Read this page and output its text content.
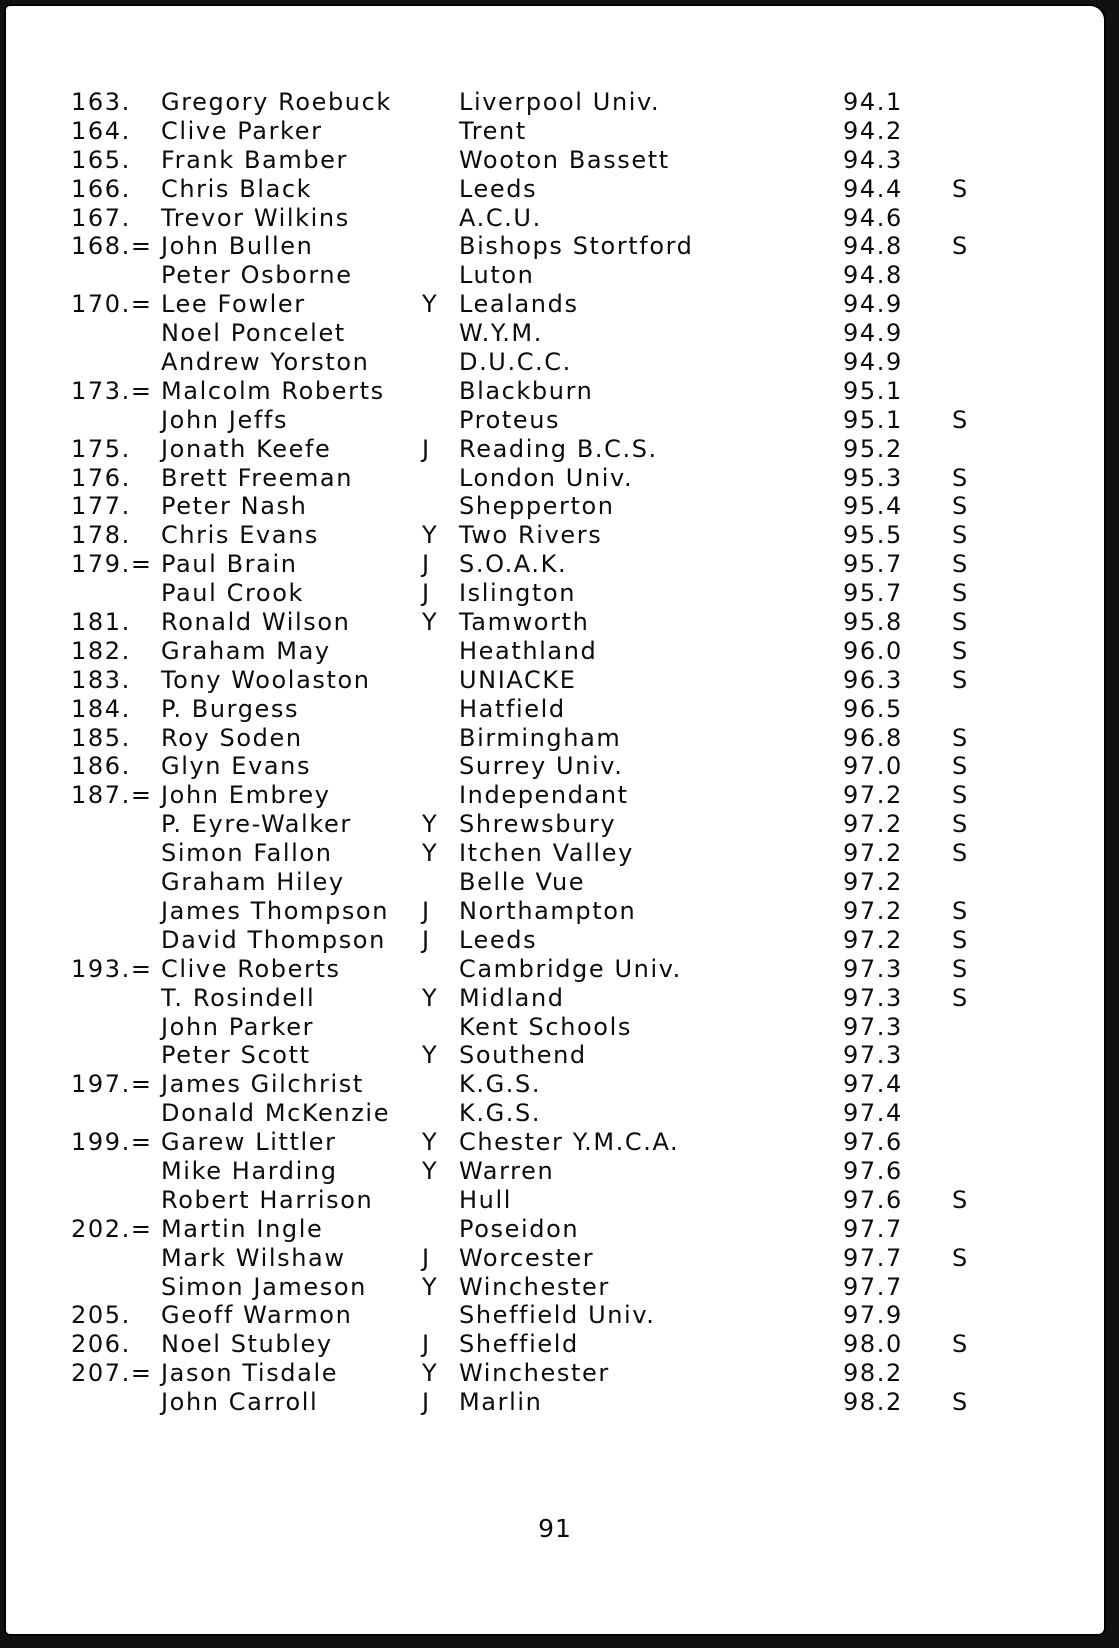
163. Gregory Roebuck	Liverpool Univ.	94.1
164. Clive Parker	Trent	94.2
165. Frank Bamber	Wooton Bassett	94.3
166. Chris Black	Leeds	94.4 S
167. Trevor Wilkins	A.C.U.	94.6
168.= John Bullen	Bishops Stortford	94.8 S
Peter Osborne	Luton	94.8
170.= Lee Fowler	Y Lealands	94.9
Noel Poncelet	W.Y.M.	94.9
Andrew Yorston	D.U.C.C.	94.9
173.= Malcolm Roberts	Blackburn	95.1
John Jeffs	Proteus	95.1 S
175. Jonath Keefe	J Reading B.C.S.	95.2
176. Brett Freeman	London Univ.	95.3 S
177. Peter Nash	Shepperton	95.4 S
178. Chris Evans	Y Two Rivers	95.5 S
179.= Paul Brain	J S.O.A.K.	95.7 S
Paul Crook	J Islington	95.7 S
181. Ronald Wilson	Y Tamworth	95.8 S
182. Graham May	Heathland	96.0 S
183. Tony Woolaston	UNIACKE	96.3 S
184. P. Burgess	Hatfield	96.5
185. Roy Soden	Birmingham	96.8 S
186. Glyn Evans	Surrey Univ.	97.0 S
187.= John Embrey	Independant	97.2 S
P. Eyre-Walker	Y Shrewsbury	97.2 S
Simon Fallon	Y Itchen Valley	97.2 S
Graham Hiley	Belle Vue	97.2
James Thompson J Northampton	97.2 S
David Thompson J Leeds	97.2 S
193.= Clive Roberts	Cambridge Univ.	97.3 S
T. Rosindell	Y Midland	97.3 S
John Parker	Kent Schools	97.3
Peter Scott	Y Southend	97.3
197.= James Gilchrist	K.G.S.	97.4
Donald McKenzie	K.G.S.	97.4
199.= Garew Littler	Y Chester Y.M.C.A.	97.6
Mike Harding	Y Warren	97.6
Robert Harrison	Hull	97.6 S
202.= Martin Ingle	Poseidon	97.7
Mark Wilshaw	J Worcester	97.7 S
Simon Jameson Y Winchester	97.7
205. Geoff Warmon	Sheffield Univ.	97.9
206. Noel Stubley	J Sheffield	98.0 S
207.= Jason Tisdale	Y Winchester	98.2
John Carroll	J Marlin	98.2 S
91
